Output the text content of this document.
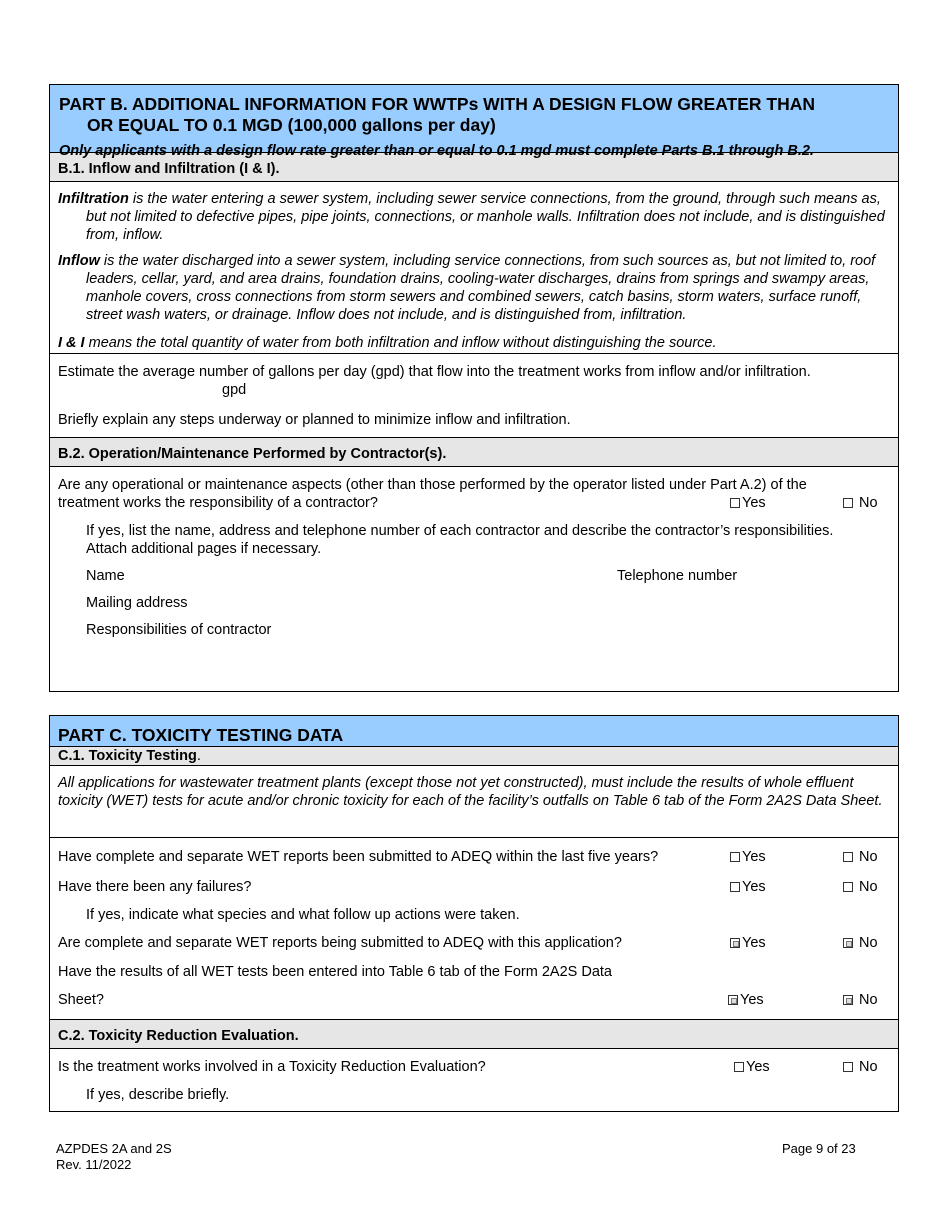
PART B. ADDITIONAL INFORMATION FOR WWTPs WITH A DESIGN FLOW GREATER THAN
OR EQUAL TO 0.1 MGD (100,000 gallons per day)
Only applicants with a design flow rate greater than or equal to 0.1 mgd must complete Parts B.1 through B.2.
B.1. Inflow and Infiltration (I & I).

Infiltration is the water entering a sewer system, including sewer service connections, from the ground, through such means as, but not limited to defective pipes, pipe joints, connections, or manhole walls. Infiltration does not include, and is distinguished from, inflow.

Inflow is the water discharged into a sewer system, including service connections, from such sources as, but not limited to, roof leaders, cellar, yard, and area drains, foundation drains, cooling-water discharges, drains from springs and swampy areas, manhole covers, cross connections from storm sewers and combined sewers, catch basins, storm waters, surface runoff, street wash waters, or drainage. Inflow does not include, and is distinguished from, infiltration.

I & I means the total quantity of water from both infiltration and inflow without distinguishing the source.

Estimate the average number of gallons per day (gpd) that flow into the treatment works from inflow and/or infiltration.
gpd
Briefly explain any steps underway or planned to minimize inflow and infiltration.
B.2. Operation/Maintenance Performed by Contractor(s).
Are any operational or maintenance aspects (other than those performed by the operator listed under Part A.2) of the
treatment works the responsibility of a contractor?	Yes	No
If yes, list the name, address and telephone number of each contractor and describe the contractor’s responsibilities.
Attach additional pages if necessary.
Name	Telephone number
Mailing address
Responsibilities of contractor
PART C. TOXICITY TESTING DATA
C.1. Toxicity Testing.
All applications for wastewater treatment plants (except those not yet constructed), must include the results of whole effluent toxicity (WET) tests for acute and/or chronic toxicity for each of the facility’s outfalls on Table 6 tab of the Form 2A2S Data Sheet.
Have complete and separate WET reports been submitted to ADEQ within the last five years?	Yes	No
Have there been any failures?	Yes	No
If yes, indicate what species and what follow up actions were taken.
Are complete and separate WET reports being submitted to ADEQ with this application?	Yes	No
Have the results of all WET tests been entered into Table 6 tab of the Form 2A2S Data
Sheet?	Yes	No
C.2. Toxicity Reduction Evaluation.
Is the treatment works involved in a Toxicity Reduction Evaluation?	Yes	No
If yes, describe briefly.
AZPDES 2A and 2S
Rev. 11/2022
Page 9 of 23
